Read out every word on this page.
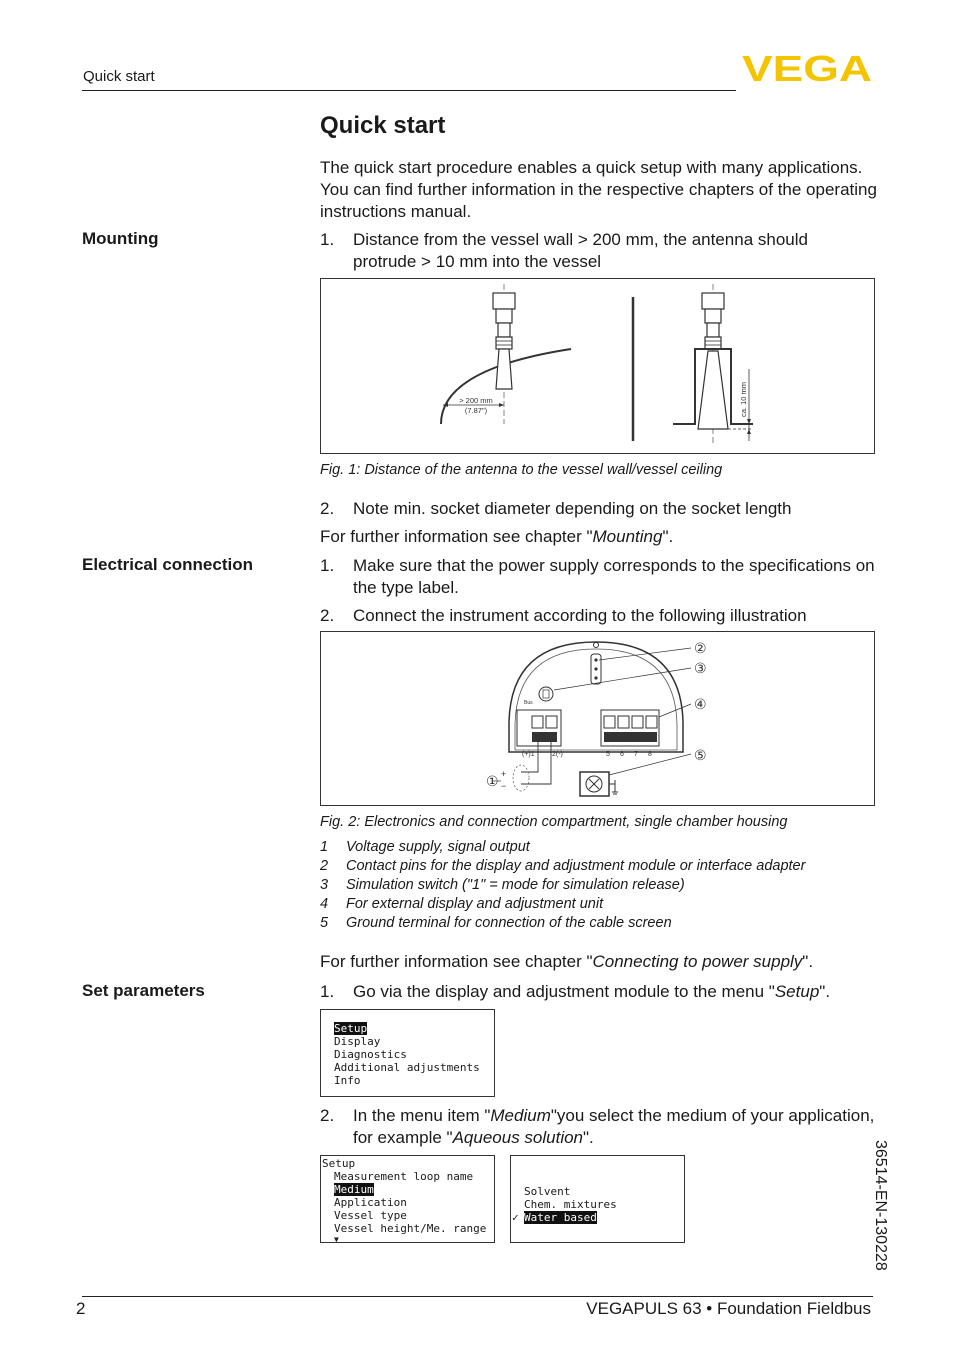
Quick start	VEGA
Quick start
The quick start procedure enables a quick setup with many applications. You can find further information in the respective chapters of the operating instructions manual.
Mounting	1. Distance from the vessel wall > 200 mm, the antenna should protrude > 10 mm into the vessel
> 200 mm
(7.87")	ca. 10 mm
Fig. 1: Distance of the antenna to the vessel wall/vessel ceiling
2. Note min. socket diameter depending on the socket length
For further information see chapter "Mounting".
Electrical connection	1. Make sure that the power supply corresponds to the specifications on the type label.
2. Connect the instrument according to the following illustration
Bus
(+)1 2(-)	5 6 7 8
+
−
①
②
③
④
⑤
Fig. 2: Electronics and connection compartment, single chamber housing
1 Voltage supply, signal output
2 Contact pins for the display and adjustment module or interface adapter
3 Simulation switch ("1" = mode for simulation release)
4 For external display and adjustment unit
5 Ground terminal for connection of the cable screen
For further information see chapter "Connecting to power supply".
Set parameters	1. Go via the display and adjustment module to the menu "Setup".
Setup
Display
Diagnostics
Additional adjustments
Info
2. In the menu item "Medium"you select the medium of your application, for example "Aqueous solution".
Setup
Measurement loop name
Medium
Application
Vessel type
Vessel height/Me. range
▼
Solvent
Chem. mixtures
✓ Water based	36514-EN-130228
2	VEGAPULS 63 • Foundation Fieldbus
